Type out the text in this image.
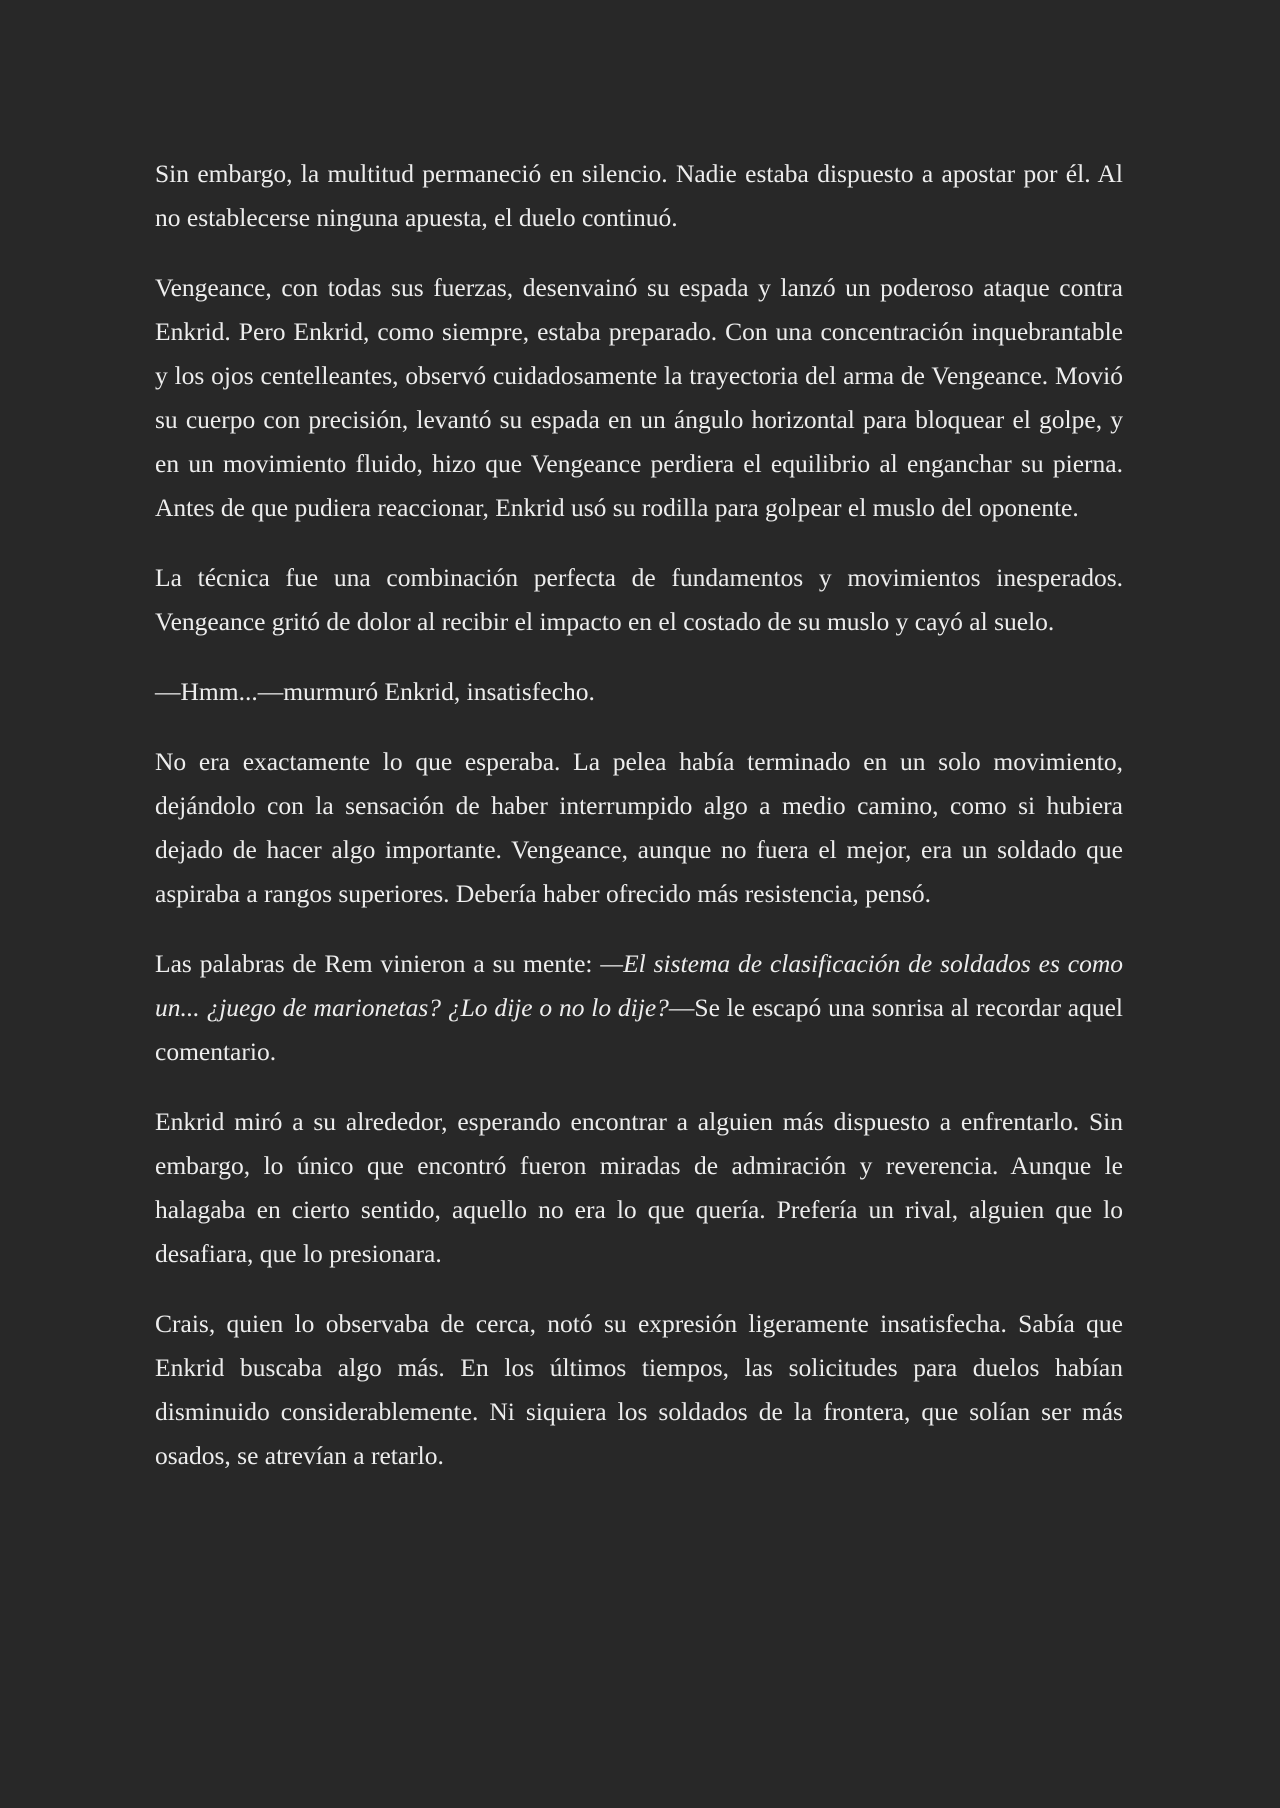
Sin embargo, la multitud permaneció en silencio. Nadie estaba dispuesto a apostar por él. Al no establecerse ninguna apuesta, el duelo continuó.

Vengeance, con todas sus fuerzas, desenvainó su espada y lanzó un poderoso ataque contra Enkrid. Pero Enkrid, como siempre, estaba preparado. Con una concentración inquebrantable y los ojos centelleantes, observó cuidadosamente la trayectoria del arma de Vengeance. Movió su cuerpo con precisión, levantó su espada en un ángulo horizontal para bloquear el golpe, y en un movimiento fluido, hizo que Vengeance perdiera el equilibrio al enganchar su pierna. Antes de que pudiera reaccionar, Enkrid usó su rodilla para golpear el muslo del oponente.

La técnica fue una combinación perfecta de fundamentos y movimientos inesperados. Vengeance gritó de dolor al recibir el impacto en el costado de su muslo y cayó al suelo.

—Hmm...—murmuró Enkrid, insatisfecho.

No era exactamente lo que esperaba. La pelea había terminado en un solo movimiento, dejándolo con la sensación de haber interrumpido algo a medio camino, como si hubiera dejado de hacer algo importante. Vengeance, aunque no fuera el mejor, era un soldado que aspiraba a rangos superiores. Debería haber ofrecido más resistencia, pensó.

Las palabras de Rem vinieron a su mente: —El sistema de clasificación de soldados es como un... ¿juego de marionetas? ¿Lo dije o no lo dije?—Se le escapó una sonrisa al recordar aquel comentario.

Enkrid miró a su alrededor, esperando encontrar a alguien más dispuesto a enfrentarlo. Sin embargo, lo único que encontró fueron miradas de admiración y reverencia. Aunque le halagaba en cierto sentido, aquello no era lo que quería. Prefería un rival, alguien que lo desafiara, que lo presionara.

Crais, quien lo observaba de cerca, notó su expresión ligeramente insatisfecha. Sabía que Enkrid buscaba algo más. En los últimos tiempos, las solicitudes para duelos habían disminuido considerablemente. Ni siquiera los soldados de la frontera, que solían ser más osados, se atrevían a retarlo.
